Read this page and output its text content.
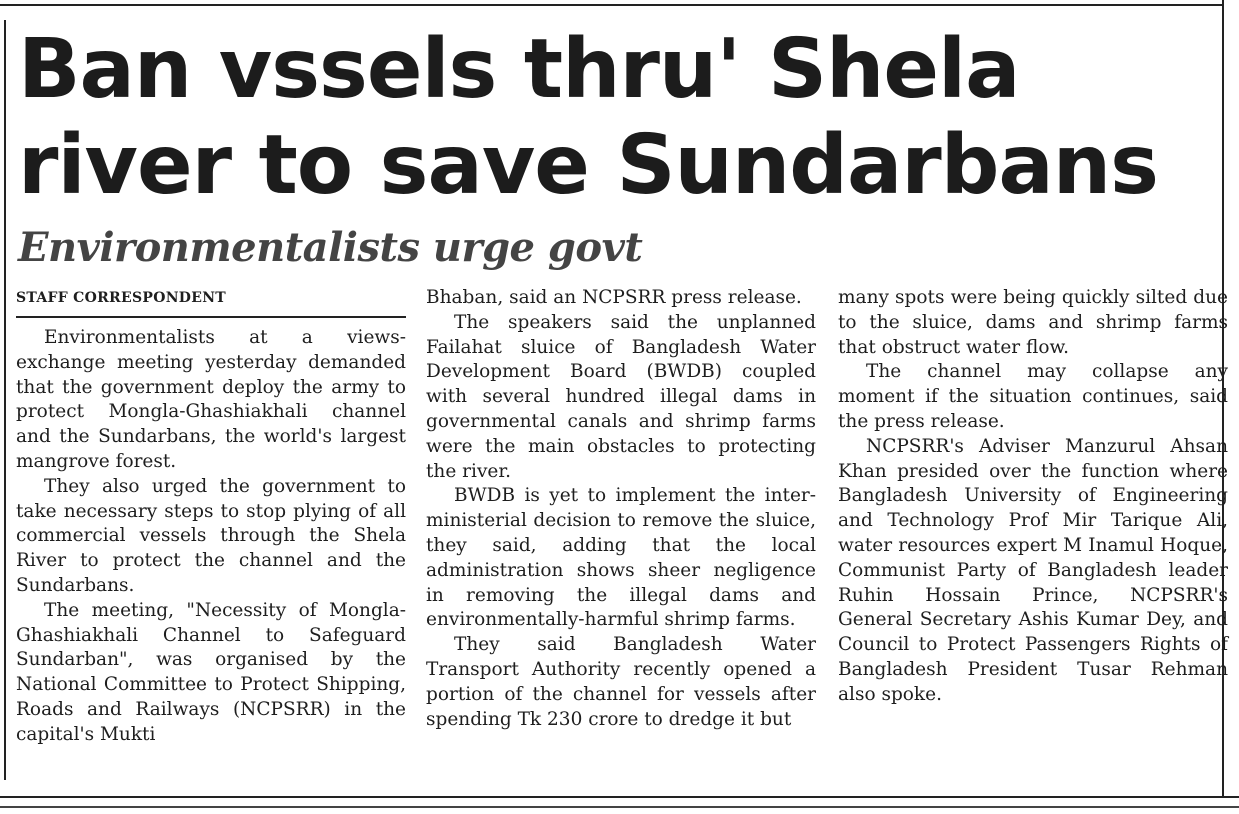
Ban vssels thru' Shela river to save Sundarbans
Environmentalists urge govt
STAFF CORRESPONDENT

Environmentalists at a views-exchange meeting yesterday demanded that the government deploy the army to protect Mongla-Ghashiakhali channel and the Sundarbans, the world's largest mangrove forest.

They also urged the government to take necessary steps to stop plying of all commercial vessels through the Shela River to protect the channel and the Sundarbans.

The meeting, "Necessity of Mongla-Ghashiakhali Channel to Safeguard Sundarban", was organised by the National Committee to Protect Shipping, Roads and Railways (NCPSRR) in the capital's Mukti

Bhaban, said an NCPSRR press release.

The speakers said the unplanned Failahat sluice of Bangladesh Water Development Board (BWDB) coupled with several hundred illegal dams in governmental canals and shrimp farms were the main obstacles to protecting the river.

BWDB is yet to implement the inter-ministerial decision to remove the sluice, they said, adding that the local administration shows sheer negligence in removing the illegal dams and environmentally-harmful shrimp farms.

They said Bangladesh Water Transport Authority recently opened a portion of the channel for vessels after spending Tk 230 crore to dredge it but

many spots were being quickly silted due to the sluice, dams and shrimp farms that obstruct water flow.

The channel may collapse any moment if the situation continues, said the press release.

NCPSRR's Adviser Manzurul Ahsan Khan presided over the function where Bangladesh University of Engineering and Technology Prof Mir Tarique Ali, water resources expert M Inamul Hoque, Communist Party of Bangladesh leader Ruhin Hossain Prince, NCPSRR's General Secretary Ashis Kumar Dey, and Council to Protect Passengers Rights of Bangladesh President Tusar Rehman also spoke.
